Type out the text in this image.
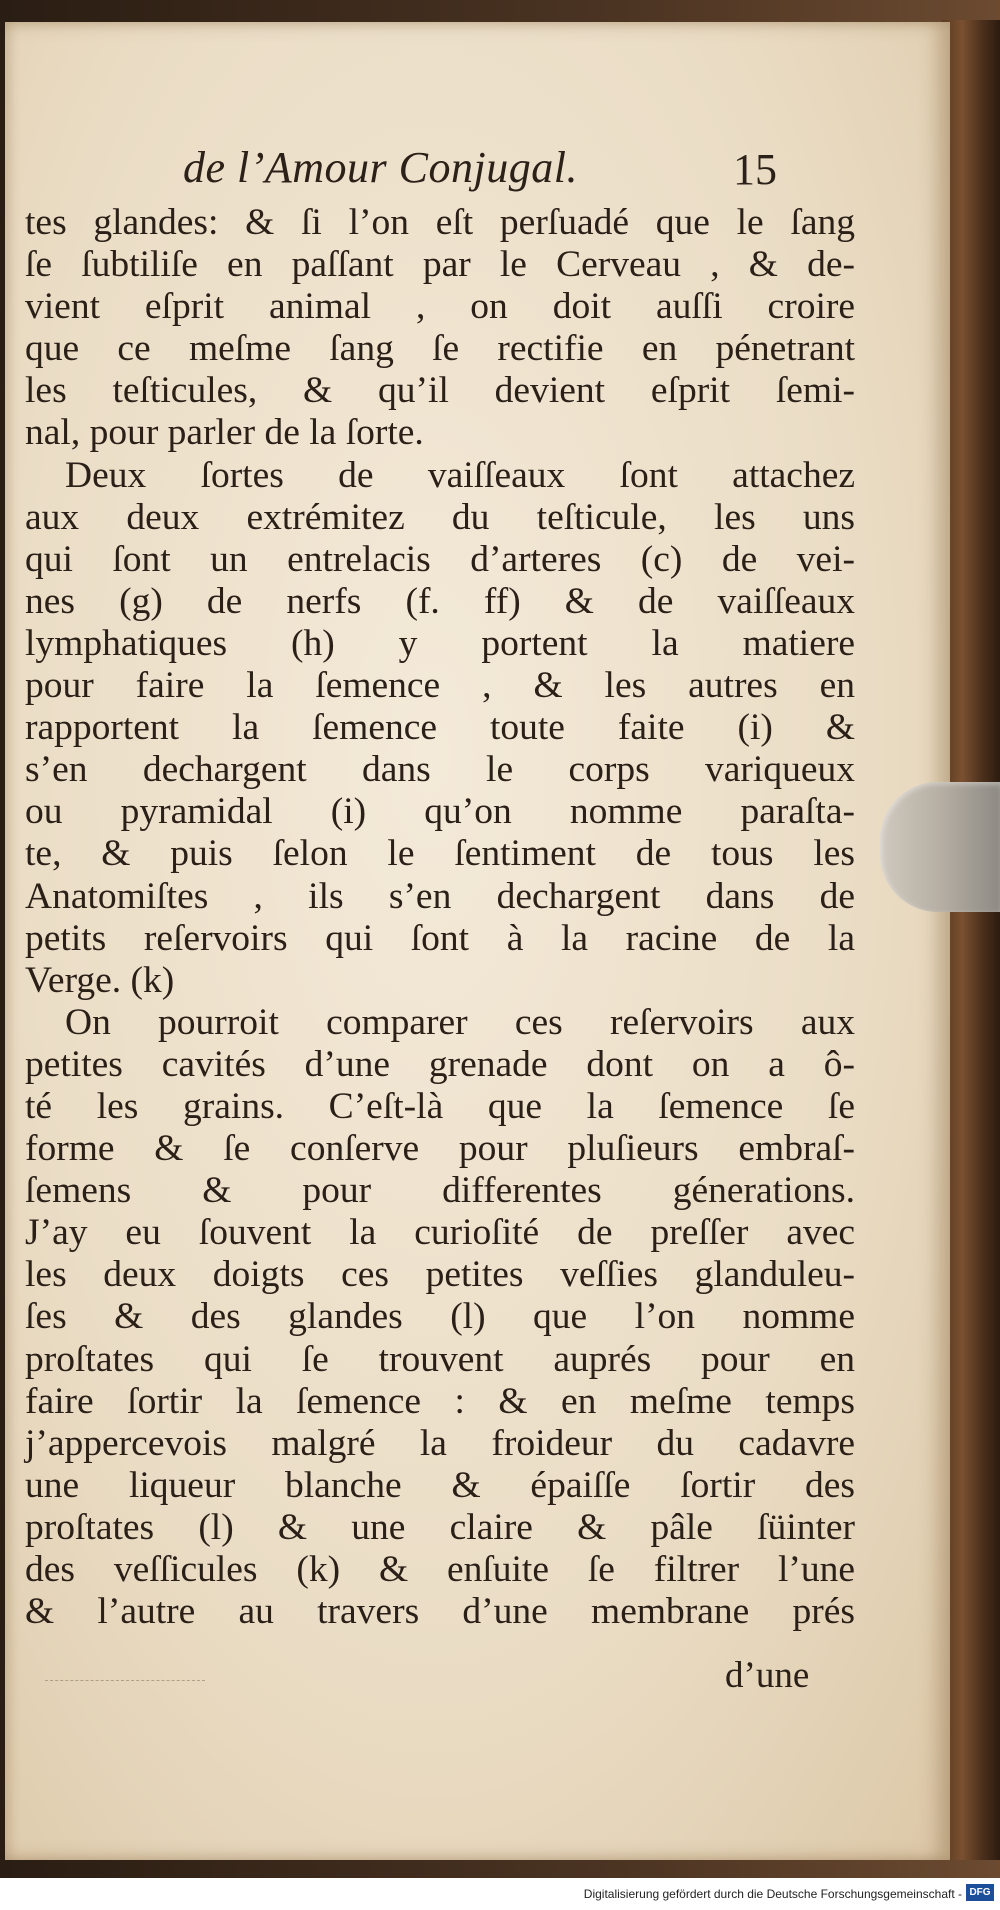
de l’Amour Conjugal.	15
tes glandes: & ſi l’on eſt perſuadé que le ſang
ſe ſubtiliſe en paſſant par le Cerveau , & de-
vient eſprit animal , on doit auſſi croire
que ce meſme ſang ſe rectifie en pénetrant
les teſticules, & qu’il devient eſprit ſemi-
nal, pour parler de la ſorte.
Deux ſortes de vaiſſeaux ſont attachez
aux deux extrémitez du teſticule, les uns
qui ſont un entrelacis d’arteres (c) de vei-
nes (g) de nerfs (f. ff) & de vaiſſeaux
lymphatiques (h) y portent la matiere
pour faire la ſemence , & les autres en
rapportent la ſemence toute faite (i) &
s’en dechargent dans le corps variqueux
ou pyramidal (i) qu’on nomme paraſta-
te, & puis ſelon le ſentiment de tous les
Anatomiſtes , ils s’en dechargent dans de
petits reſervoirs qui ſont à la racine de la
Verge. (k)
On pourroit comparer ces reſervoirs aux
petites cavités d’une grenade dont on a ô-
té les grains. C’eſt-là que la ſemence ſe
forme & ſe conſerve pour pluſieurs embraſ-
ſemens & pour differentes génerations.
J’ay eu ſouvent la curioſité de preſſer avec
les deux doigts ces petites veſſies glanduleu-
ſes & des glandes (l) que l’on nomme
proſtates qui ſe trouvent auprés pour en
faire ſortir la ſemence : & en meſme temps
j’appercevois malgré la froideur du cadavre
une liqueur blanche & épaiſſe ſortir des
proſtates (l) & une claire & pâle ſüinter
des veſſicules (k) & enſuite ſe filtrer l’une
& l’autre au travers d’une membrane prés
d’une
Digitalisierung gefördert durch die Deutsche Forschungsgemeinschaft - DFG
